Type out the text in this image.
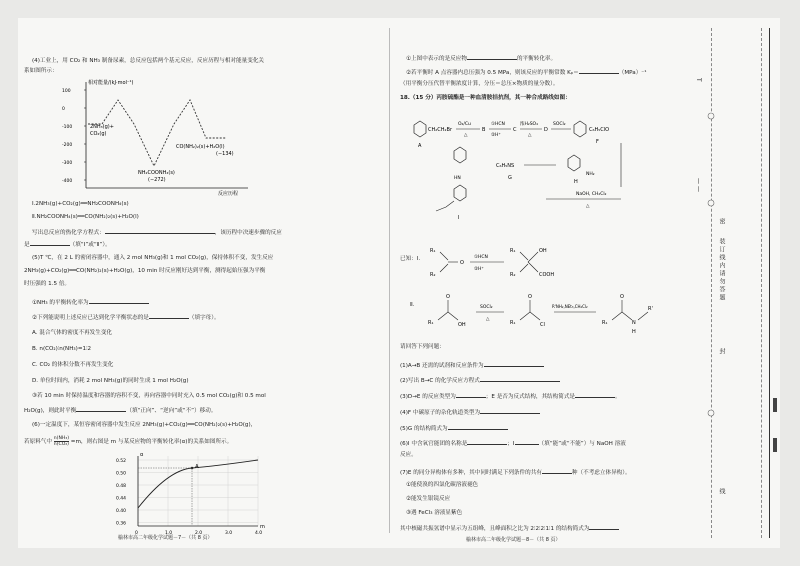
(4)工业上，用 CO₂ 和 NH₃ 制备尿素，总反应包括两个基元反应，反应历程与相对能量变化关
系如图所示：
相对能量/(kJ·mol⁻¹)
反应历程
100
0
-100
-200
-300
-400
2NH₃(g)+
CO₂(g)
CO(NH₂)₂(s)+H₂O(l)
(−134)
NH₂COONH₄(s)
(−272)
Ⅰ.2NH₃(g)+CO₂(g)══NH₂COONH₄(s)
Ⅱ.NH₂COONH₄(s)══CO(NH₂)₂(s)+H₂O(l)
写出总反应的热化学方程式：	，该历程中决速步骤的反应
是	（填“Ⅰ”或“Ⅱ”）。
(5)T ℃，在 2 L 的密闭容器中，通入 2 mol NH₃(g)和 1 mol CO₂(g)，保持体积不变，发生反应
2NH₃(g)+CO₂(g)══CO(NH₂)₂(s)+H₂O(g)，10 min 时反应刚好达到平衡，测得起始压强为平衡
时压强的 1.5 倍。
①NH₃ 的平衡转化率为
②下列能说明上述反应已达到化学平衡状态的是	（填字母）。
A. 混合气体的密度不再发生变化
B. n(CO₂)∶n(NH₃)=1∶2
C. CO₂ 的体积分数不再发生变化
D. 单位时间内，消耗 2 mol NH₃(g)的同时生成 1 mol H₂O(g)
③若 10 min 时保持温度和容器的容积不变，再向容器中同时充入 0.5 mol CO₂(g)和 0.5 mol
H₂O(g)，则此时平衡	（填“正向”、“逆向”或“不”）移动。
(6)一定温度下，某恒容密闭容器中发生反应 2NH₃(g)+CO₂(g)══CO(NH₂)₂(s)+H₂O(g)，
若原料气中 $\frac{\text{n(NH₃)}}{\text{n(CO₂)}} =m$，则右图是 m 与某反应物的平衡转化率(α)的关系如图所示。
0.52
0.50
0.48
0.44
0.40
0.36
0	1.0	2.0	3.0	4.0
α
m
A
榆林市高二年级化学试题－7－（共 8 页）
①上图中表示的是反应物	的平衡转化率。
②若平衡时 A 点容器内总压强为 0.5 MPa，则该反应的平衡常数 Kₚ＝	（MPa）⁻¹
（用平衡分压代替平衡浓度计算，分压＝总压×物质的量分数）。
18.（15 分）丙胺硫酯是一种血清胺拮抗剂，其一种合成路线如图：
CH₂CH₂Br
A
O₂/Cu
△
B
①HCN
②H⁺
C
浓H₂SO₄
△
D
SOCl₂
C₆H₅ClO
F
C₆H₅NS
G
NH₂
H
NaOH, CH₂Cl₂
△
HN
I
已知：Ⅰ.
R₁
R₂
O
①HCN
②H⁺
R₁
R₂
OH
COOH
Ⅱ.
R₁
O
OH
SOCl₂
△
R₁
O
Cl
R'NH₂,NEt₃,CH₂Cl₂
R₁
O
N
H
R'
请回答下列问题：
(1)A→B 还需的试剂和反应条件为
(2)写出 B→C 的化学反应方程式
(3)D→E 的反应类型为	；E 是否为反式结构，其结构简式是	。
(4)F 中碳原子的杂化轨道类型为
(5)G 的结构简式为
(6)I 中含氧官能团的名称是	；I	（填“能”或“不能”）与 NaOH 溶液
反应。
(7)E 的同分异构体有多种，其中同时满足下列条件的共有	种（不考虑立体异构）。
①能使溴的四氯化碳溶液褪色
②能发生银镜反应
③遇 FeCl₃ 溶液显紫色
其中核磁共振氢谱中显示为五组峰，且峰面积之比为 2∶2∶2∶1∶1 的结构简式为
榆林市高二年级化学试题－8－（共 8 页）
T
——
装订线内请勿答题
密
封
线
